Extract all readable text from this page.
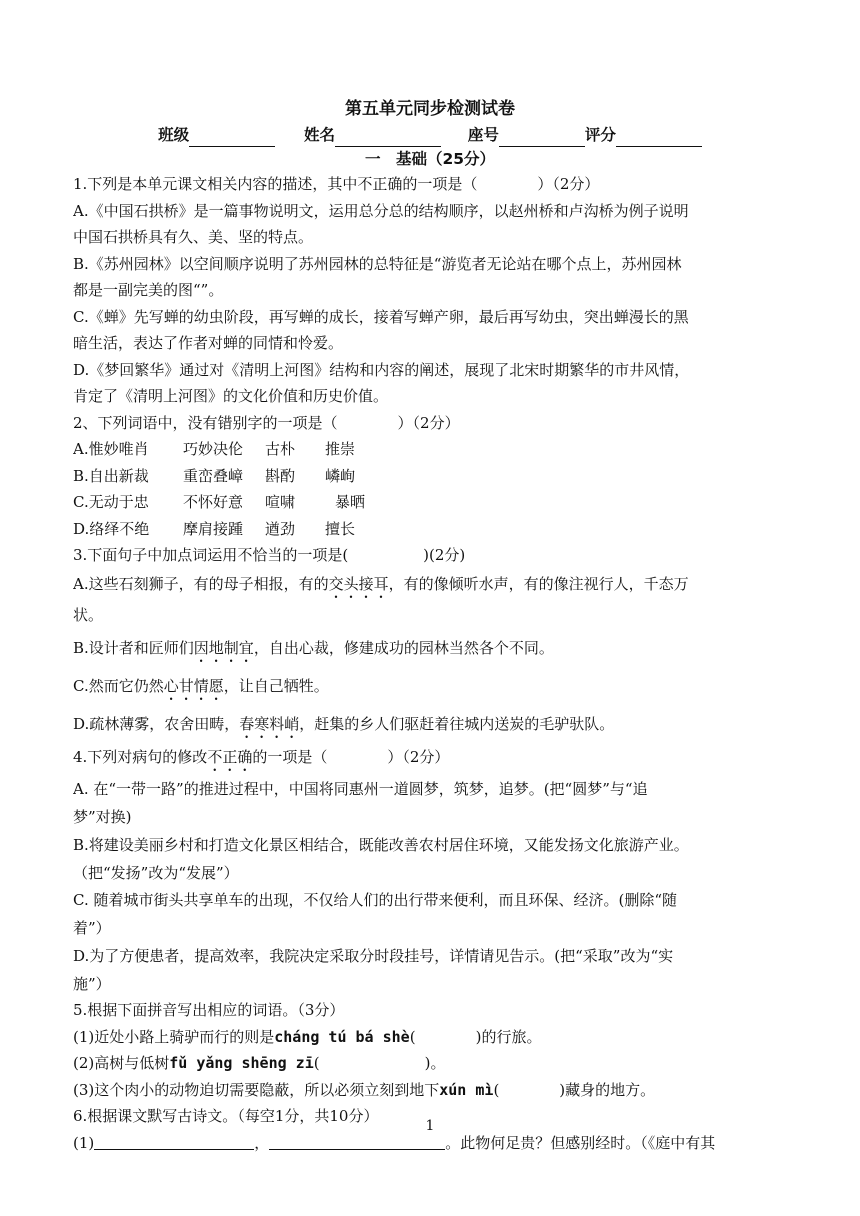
第五单元同步检测试卷
班级	姓名	座号	评分
一　基础（25分）
1.下列是本单元课文相关内容的描述，其中不正确的一项是（　　　　）（2分）
A.《中国石拱桥》是一篇事物说明文，运用总分总的结构顺序，以赵州桥和卢沟桥为例子说明
中国石拱桥具有久、美、坚的特点。
B.《苏州园林》以空间顺序说明了苏州园林的总特征是“游览者无论站在哪个点上，苏州园林
都是一副完美的图“”。
C.《蝉》先写蝉的幼虫阶段，再写蝉的成长，接着写蝉产卵，最后再写幼虫，突出蝉漫长的黑
暗生活，表达了作者对蝉的同情和怜爱。
D.《梦回繁华》通过对《清明上河图》结构和内容的阐述，展现了北宋时期繁华的市井风情，
肯定了《清明上河图》的文化价值和历史价值。
2、下列词语中，没有错别字的一项是（　　　　）（2分）
A.惟妙唯肖 巧妙决伦 古朴 推崇
B.自出新裁 重峦叠嶂 斟酌 嶙峋
C.无动于忠 不怀好意 喧啸	暴晒
D.络绎不绝 摩肩接踵 遒劲 擅长
3.下面句子中加点词运用不恰当的一项是(　　　　　)(2分)
A.这些石刻狮子，有的母子相报，有的交头接耳，有的像倾听水声，有的像注视行人，千态万
状。
B.设计者和匠师们因地制宜，自出心裁，修建成功的园林当然各个不同。
C.然而它仍然心甘情愿，让自己牺牲。
D.疏林薄雾，农舍田畴，春寒料峭，赶集的乡人们驱赶着往城内送炭的毛驴驮队。
4.下列对病句的修改不正确的一项是（　　　　）（2分）
A. 在“一带一路”的推进过程中，中国将同惠州一道圆梦，筑梦，追梦。(把“圆梦”与“追
梦”对换)
B.将建设美丽乡村和打造文化景区相结合，既能改善农村居住环境，又能发扬文化旅游产业。
（把“发扬”改为“发展”）
C. 随着城市街头共享单车的出现，不仅给人们的出行带来便利，而且环保、经济。(删除“随
着”）
D.为了方便患者，提高效率，我院决定采取分时段挂号，详情请见告示。(把“采取”改为“实
施”）
5.根据下面拼音写出相应的词语。（3分）
(1)近处小路上骑驴而行的则是cháng tú bá shè(　　　　)的行旅。
(2)高树与低树fǔ yǎng shēng zī(　　　　　　　)。
(3)这个肉小的动物迫切需要隐蔽，所以必须立刻到地下xún mì(　　　　)藏身的地方。
6.根据课文默写古诗文。（每空1分，共10分）
(1)	，	。此物何足贵？但感别经时。（《庭中有其
1
